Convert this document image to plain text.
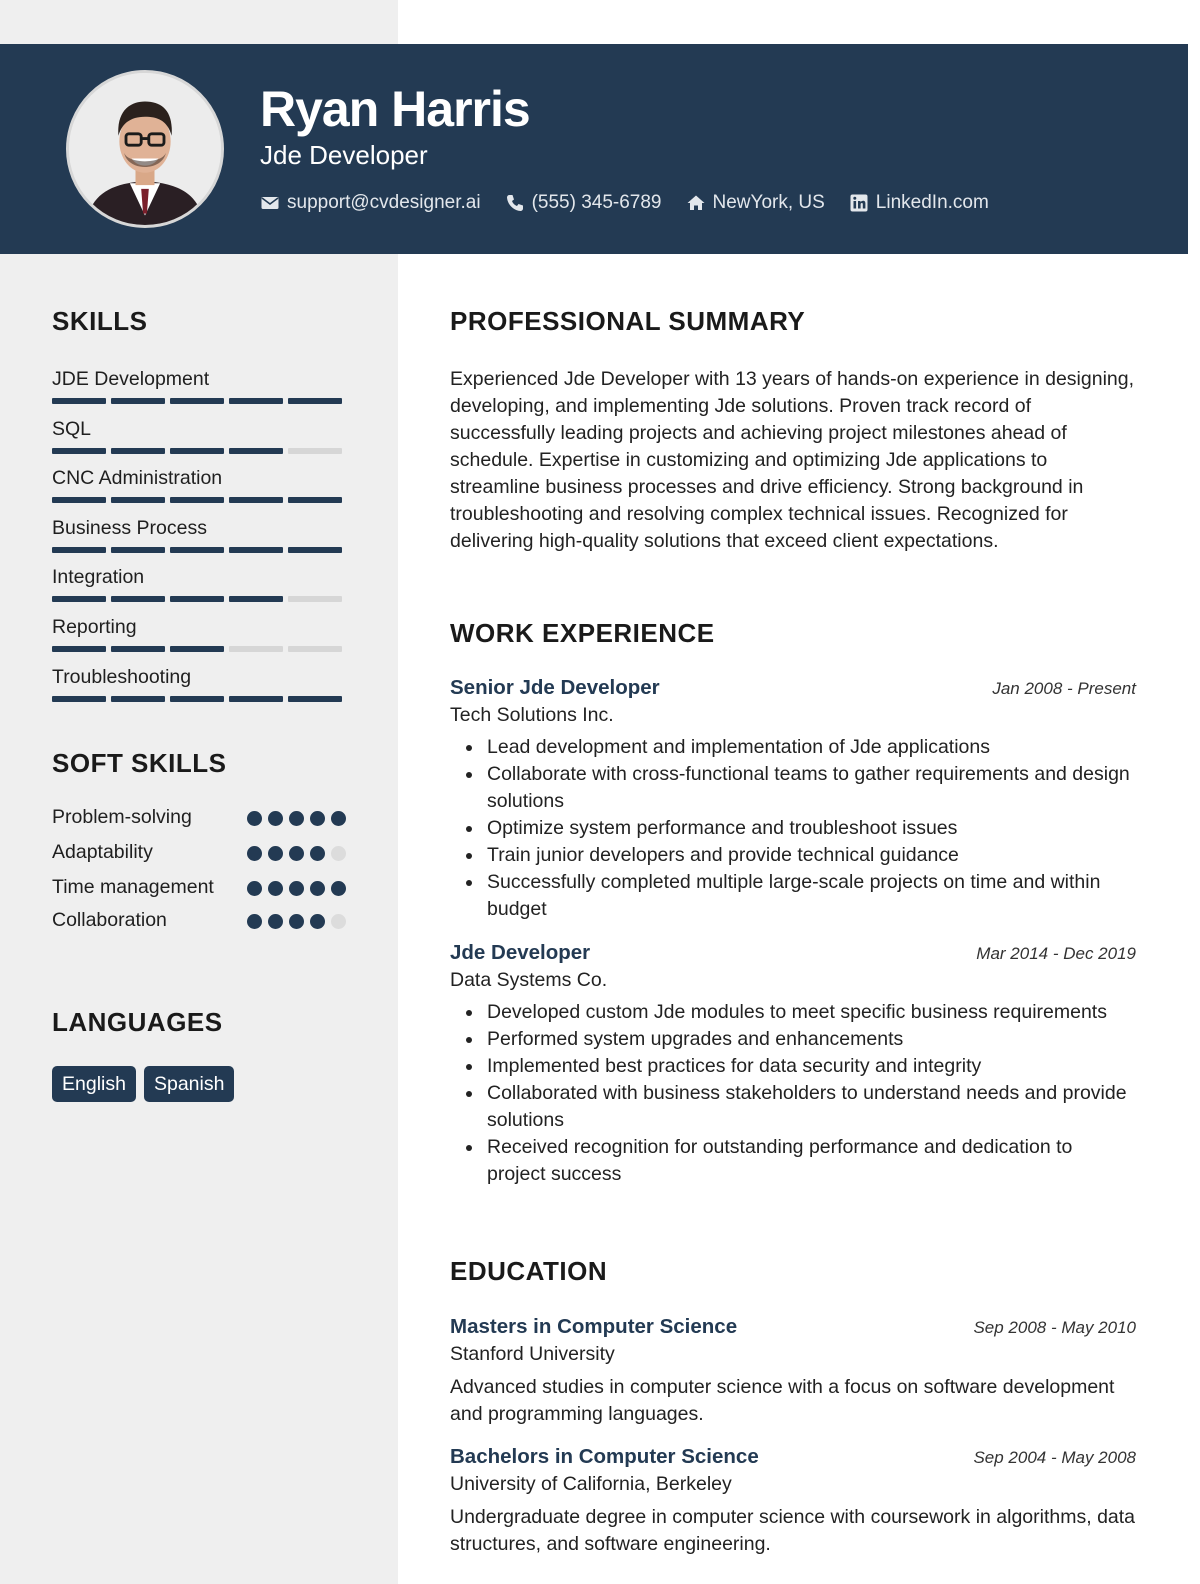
Ryan Harris
Jde Developer
support@cvdesigner.ai	(555) 345-6789	NewYork, US	LinkedIn.com
SKILLS
JDE Development
SQL
CNC Administration
Business Process
Integration
Reporting
Troubleshooting
SOFT SKILLS
Problem-solving
Adaptability
Time management
Collaboration
LANGUAGES
English	Spanish
PROFESSIONAL SUMMARY
Experienced Jde Developer with 13 years of hands-on experience in designing, developing, and implementing Jde solutions. Proven track record of successfully leading projects and achieving project milestones ahead of schedule. Expertise in customizing and optimizing Jde applications to streamline business processes and drive efficiency. Strong background in troubleshooting and resolving complex technical issues. Recognized for delivering high-quality solutions that exceed client expectations.
WORK EXPERIENCE
Senior Jde Developer	Jan 2008 - Present
Tech Solutions Inc.
Lead development and implementation of Jde applications
Collaborate with cross-functional teams to gather requirements and design solutions
Optimize system performance and troubleshoot issues
Train junior developers and provide technical guidance
Successfully completed multiple large-scale projects on time and within budget
Jde Developer	Mar 2014 - Dec 2019
Data Systems Co.
Developed custom Jde modules to meet specific business requirements
Performed system upgrades and enhancements
Implemented best practices for data security and integrity
Collaborated with business stakeholders to understand needs and provide solutions
Received recognition for outstanding performance and dedication to project success
EDUCATION
Masters in Computer Science	Sep 2008 - May 2010
Stanford University
Advanced studies in computer science with a focus on software development and programming languages.
Bachelors in Computer Science	Sep 2004 - May 2008
University of California, Berkeley
Undergraduate degree in computer science with coursework in algorithms, data structures, and software engineering.
